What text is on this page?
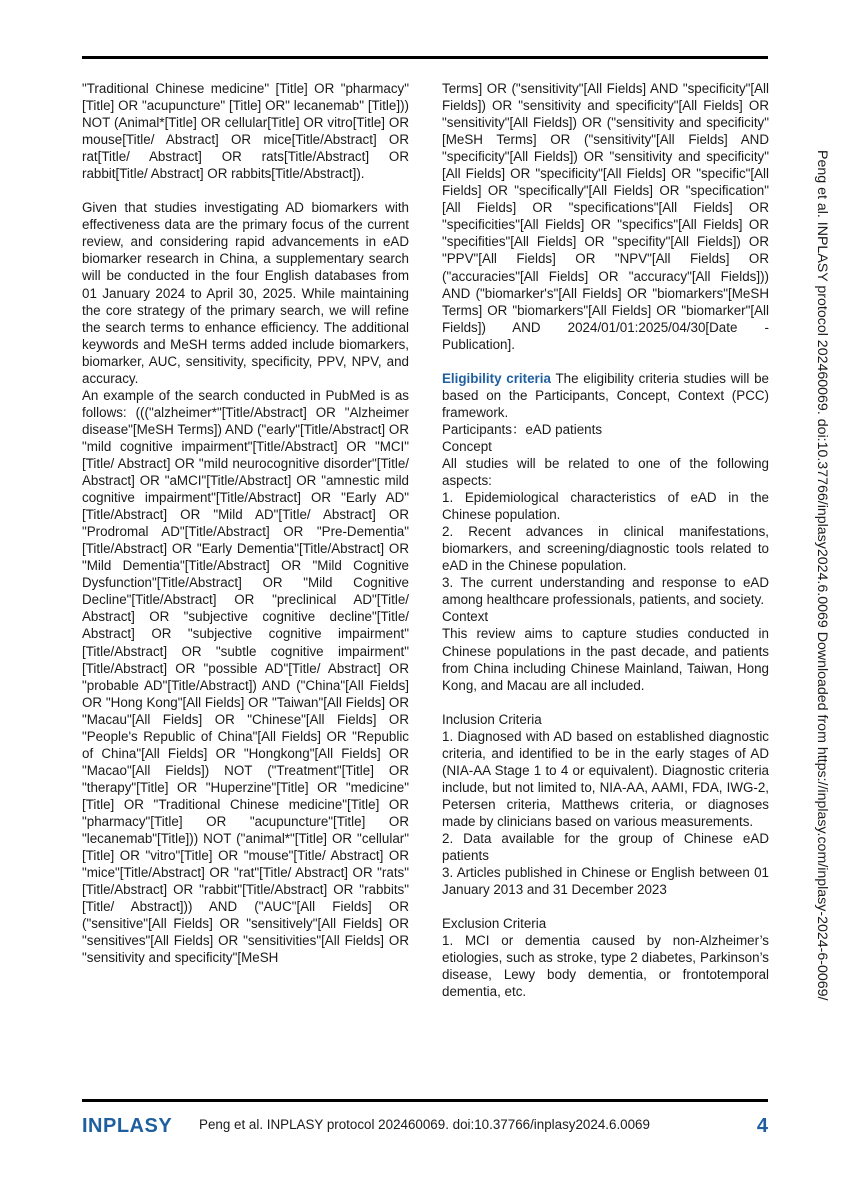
"Traditional Chinese medicine" [Title] OR "pharmacy" [Title] OR "acupuncture" [Title] OR" lecanemab" [Title])) NOT (Animal*[Title] OR cellular[Title] OR vitro[Title] OR mouse[Title/ Abstract] OR mice[Title/Abstract] OR rat[Title/ Abstract] OR rats[Title/Abstract] OR rabbit[Title/ Abstract] OR rabbits[Title/Abstract]).

Given that studies investigating AD biomarkers with effectiveness data are the primary focus of the current review, and considering rapid advancements in eAD biomarker research in China, a supplementary search will be conducted in the four English databases from 01 January 2024 to April 30, 2025. While maintaining the core strategy of the primary search, we will refine the search terms to enhance efficiency. The additional keywords and MeSH terms added include biomarkers, biomarker, AUC, sensitivity, specificity, PPV, NPV, and accuracy.

An example of the search conducted in PubMed is as follows: ((("alzheimer*"[Title/Abstract] OR "Alzheimer disease"[MeSH Terms]) AND ("early"[Title/Abstract] OR "mild cognitive impairment"[Title/Abstract] OR "MCI"[Title/ Abstract] OR "mild neurocognitive disorder"[Title/ Abstract] OR "aMCI"[Title/Abstract] OR "amnestic mild cognitive impairment"[Title/Abstract] OR "Early AD"[Title/Abstract] OR "Mild AD"[Title/ Abstract] OR "Prodromal AD"[Title/Abstract] OR "Pre-Dementia"[Title/Abstract] OR "Early Dementia"[Title/Abstract] OR "Mild Dementia"[Title/Abstract] OR "Mild Cognitive Dysfunction"[Title/Abstract] OR "Mild Cognitive Decline"[Title/Abstract] OR "preclinical AD"[Title/ Abstract] OR "subjective cognitive decline"[Title/ Abstract] OR "subjective cognitive impairment"[Title/Abstract] OR "subtle cognitive impairment"[Title/Abstract] OR "possible AD"[Title/ Abstract] OR "probable AD"[Title/Abstract]) AND ("China"[All Fields] OR "Hong Kong"[All Fields] OR "Taiwan"[All Fields] OR "Macau"[All Fields] OR "Chinese"[All Fields] OR "People's Republic of China"[All Fields] OR "Republic of China"[All Fields] OR "Hongkong"[All Fields] OR "Macao"[All Fields]) NOT ("Treatment"[Title] OR "therapy"[Title] OR "Huperzine"[Title] OR "medicine"[Title] OR "Traditional Chinese medicine"[Title] OR "pharmacy"[Title] OR "acupuncture"[Title] OR "lecanemab"[Title])) NOT ("animal*"[Title] OR "cellular"[Title] OR "vitro"[Title] OR "mouse"[Title/ Abstract] OR "mice"[Title/Abstract] OR "rat"[Title/ Abstract] OR "rats"[Title/Abstract] OR "rabbit"[Title/Abstract] OR "rabbits"[Title/ Abstract])) AND ("AUC"[All Fields] OR ("sensitive"[All Fields] OR "sensitively"[All Fields] OR "sensitives"[All Fields] OR "sensitivities"[All Fields] OR "sensitivity and specificity"[MeSH

Terms] OR ("sensitivity"[All Fields] AND "specificity"[All Fields]) OR "sensitivity and specificity"[All Fields] OR "sensitivity"[All Fields]) OR ("sensitivity and specificity"[MeSH Terms] OR ("sensitivity"[All Fields] AND "specificity"[All Fields]) OR "sensitivity and specificity"[All Fields] OR "specificity"[All Fields] OR "specific"[All Fields] OR "specifically"[All Fields] OR "specification"[All Fields] OR "specifications"[All Fields] OR "specificities"[All Fields] OR "specifics"[All Fields] OR "specifities"[All Fields] OR "specifity"[All Fields]) OR "PPV"[All Fields] OR "NPV"[All Fields] OR ("accuracies"[All Fields] OR "accuracy"[All Fields])) AND ("biomarker's"[All Fields] OR "biomarkers"[MeSH Terms] OR "biomarkers"[All Fields] OR "biomarker"[All Fields]) AND 2024/01/01:2025/04/30[Date - Publication].

Eligibility criteria The eligibility criteria studies will be based on the Participants, Concept, Context (PCC) framework.

Participants：eAD patients

Concept

All studies will be related to one of the following aspects:

1. Epidemiological characteristics of eAD in the Chinese population.

2. Recent advances in clinical manifestations, biomarkers, and screening/diagnostic tools related to eAD in the Chinese population.

3. The current understanding and response to eAD among healthcare professionals, patients, and society.

Context

This review aims to capture studies conducted in Chinese populations in the past decade, and patients from China including Chinese Mainland, Taiwan, Hong Kong, and Macau are all included.

Inclusion Criteria

1. Diagnosed with AD based on established diagnostic criteria, and identified to be in the early stages of AD (NIA-AA Stage 1 to 4 or equivalent). Diagnostic criteria include, but not limited to, NIA-AA, AAMI, FDA, IWG-2, Petersen criteria, Matthews criteria, or diagnoses made by clinicians based on various measurements.

2. Data available for the group of Chinese eAD patients

3. Articles published in Chinese or English between 01 January 2013 and 31 December 2023

Exclusion Criteria

1. MCI or dementia caused by non-Alzheimer’s etiologies, such as stroke, type 2 diabetes, Parkinson’s disease, Lewy body dementia, or frontotemporal dementia, etc.	Peng et al. INPLASY protocol 202460069. doi:10.37766/inplasy2024.6.0069 Downloaded from https://inplasy.com/inplasy-2024-6-0069/
Peng et al. INPLASY protocol 202460069. doi:10.37766/inplasy2024.6.0069
INPLASY	4
